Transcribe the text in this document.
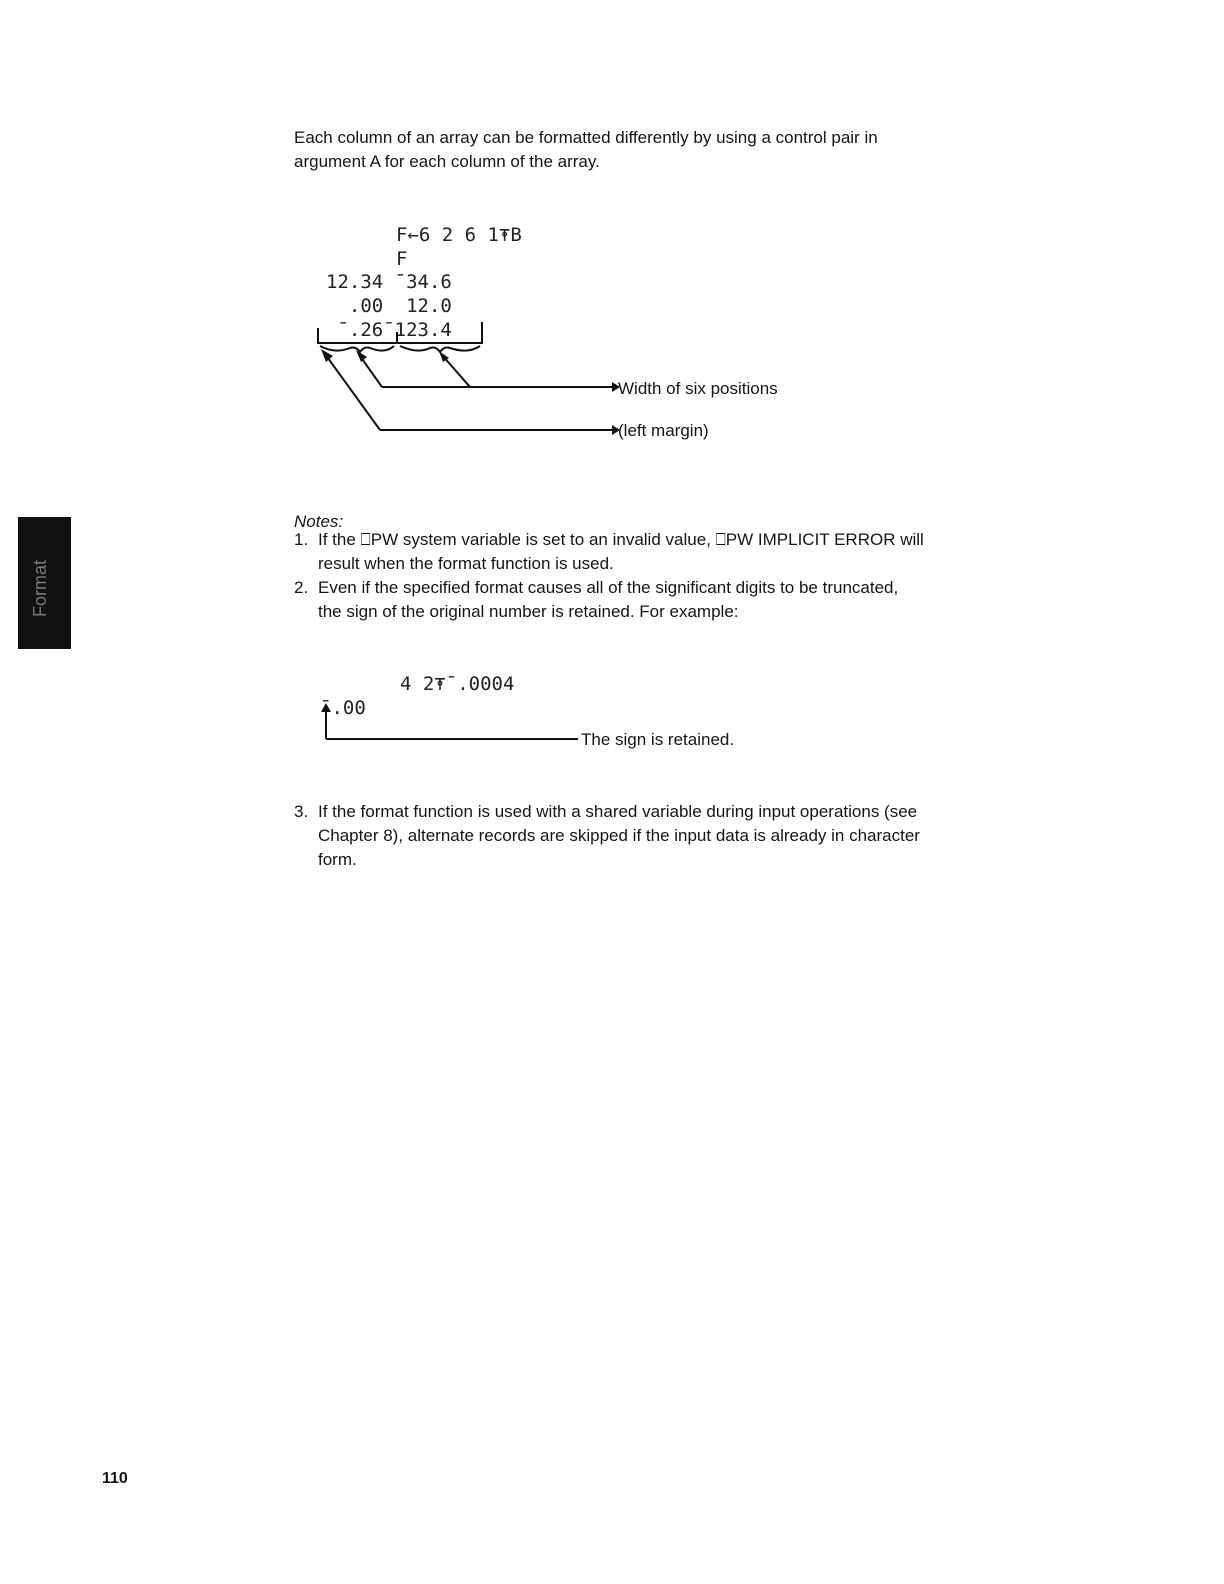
Each column of an array can be formatted differently by using a control pair in
argument A for each column of the array.
F←6 2 6 1⍕B
F
12.34 ¯34.6
.00  12.0
¯.26¯123.4
Width of six positions
(left margin)
Notes:
1. If the ⎕PW system variable is set to an invalid value, ⎕PW IMPLICIT ERROR will
result when the format function is used.
2. Even if the specified format causes all of the significant digits to be truncated,
the sign of the original number is retained. For example:
4 2⍕¯.0004
¯.00
The sign is retained.
3. If the format function is used with a shared variable during input operations (see
Chapter 8), alternate records are skipped if the input data is already in character
form.
Format
110
